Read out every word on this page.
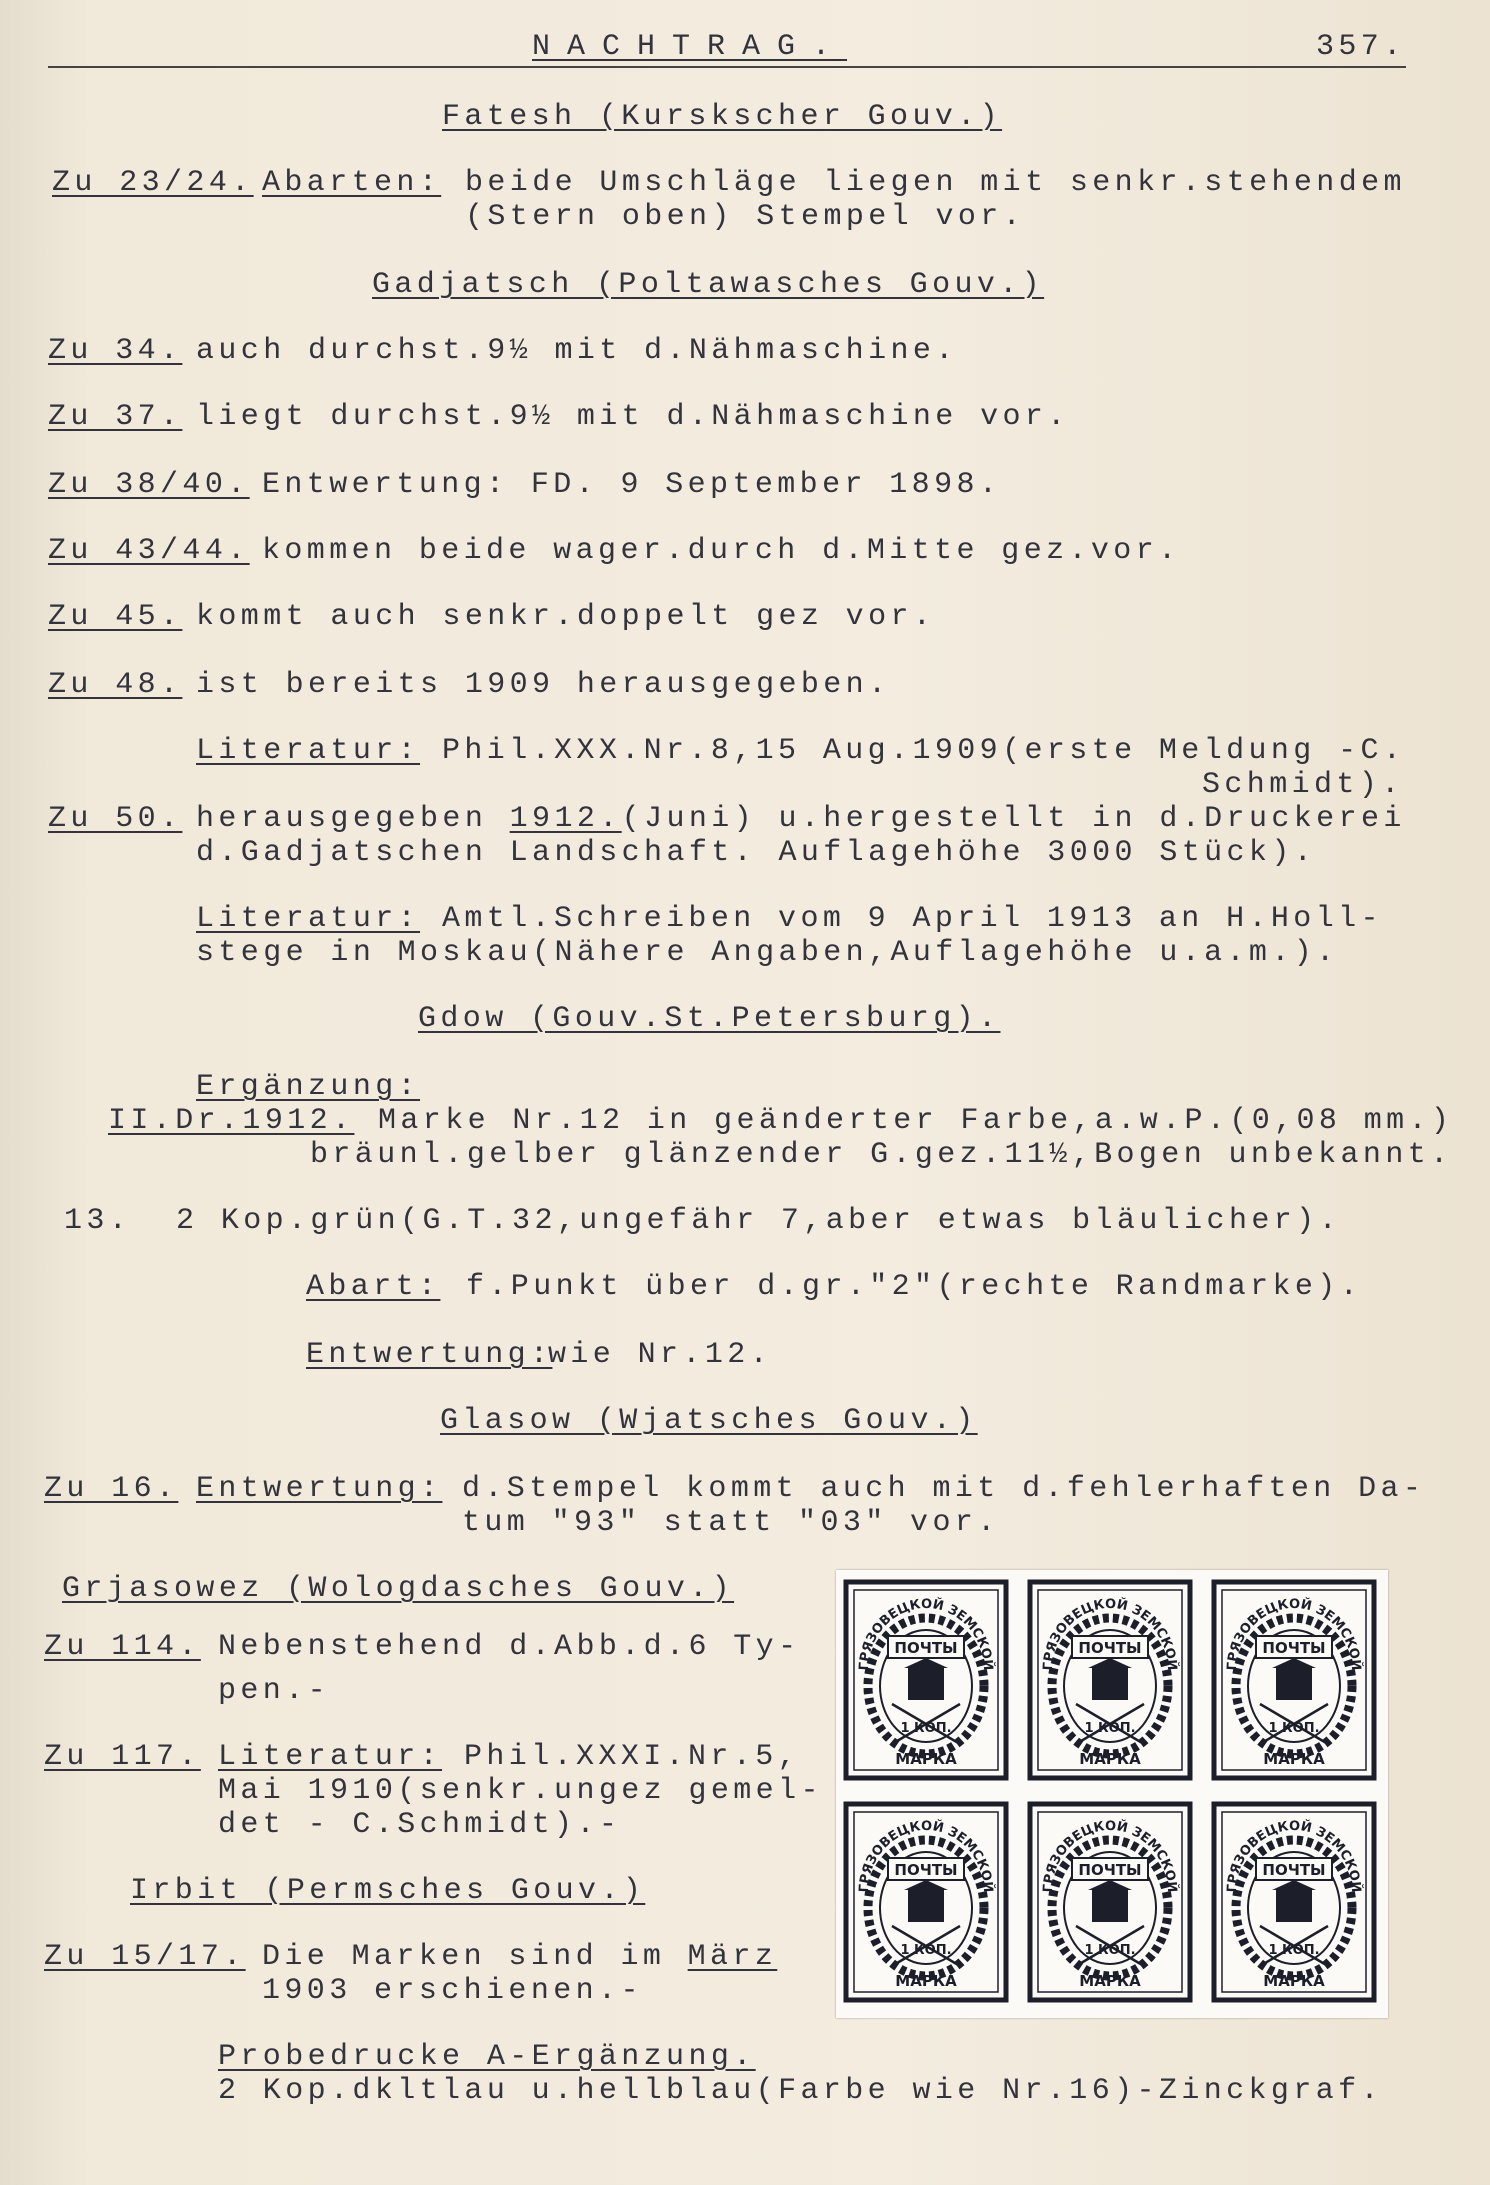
NACHTRAG.	357.
Fatesh (Kurskscher Gouv.)
Zu 23/24. Abarten: beide Umschläge liegen mit senkr.stehendem
(Stern oben) Stempel vor.
Gadjatsch (Poltawasches Gouv.)
Zu 34. auch durchst.9½ mit d.Nähmaschine.
Zu 37. liegt durchst.9½ mit d.Nähmaschine vor.
Zu 38/40. Entwertung: FD. 9 September 1898.
Zu 43/44. kommen beide wager.durch d.Mitte gez.vor.
Zu 45. kommt auch senkr.doppelt gez vor.
Zu 48. ist bereits 1909 herausgegeben.
Literatur: Phil.XXX.Nr.8,15 Aug.1909(erste Meldung -C.
Schmidt).
Zu 50. herausgegeben 1912.(Juni) u.hergestellt in d.Druckerei
d.Gadjatschen Landschaft. Auflagehöhe 3000 Stück).
Literatur: Amtl.Schreiben vom 9 April 1913 an H.Holl-
stege in Moskau(Nähere Angaben,Auflagehöhe u.a.m.).
Gdow (Gouv.St.Petersburg).
Ergänzung:
II.Dr.1912. Marke Nr.12 in geänderter Farbe,a.w.P.(0,08 mm.)
bräunl.gelber glänzender G.gez.11½,Bogen unbekannt.
13.  2 Kop.grün(G.T.32,ungefähr 7,aber etwas bläulicher).
Abart: f.Punkt über d.gr."2"(rechte Randmarke).
Entwertung:
wie Nr.12.
Glasow (Wjatsches Gouv.)
Zu 16. Entwertung: d.Stempel kommt auch mit d.fehlerhaften Da-
tum "93" statt "03" vor.
Grjasowez (Wologdasches Gouv.)
Zu 114. Nebenstehend d.Abb.d.6 Ty-
pen.-
Zu 117. Literatur: Phil.XXXI.Nr.5,
Mai 1910(senkr.ungez gemel-
det - C.Schmidt).-
Irbit (Permsches Gouv.)
Zu 15/17. Die Marken sind im März
1903 erschienen.-
Probedrucke A-Ergänzung.
2 Kop.dkltlau u.hellblau(Farbe wie Nr.16)-Zinckgraf.
ГРЯЗОВЕЦКОЙ ЗЕМСКОЙ
ПОЧТЫ
1 КОП.
МАРКА
ГРЯЗОВЕЦКОЙ ЗЕМСКОЙ
ПОЧТЫ
1 КОП.
МАРКА
ГРЯЗОВЕЦКОЙ ЗЕМСКОЙ
ПОЧТЫ
1 КОП.
МАРКА
ГРЯЗОВЕЦКОЙ ЗЕМСКОЙ
ПОЧТЫ
1 КОП.
МАРКА
ГРЯЗОВЕЦКОЙ ЗЕМСКОЙ
ПОЧТЫ
1 КОП.
МАРКА
ГРЯЗОВЕЦКОЙ ЗЕМСКОЙ
ПОЧТЫ
1 КОП.
МАРКА
